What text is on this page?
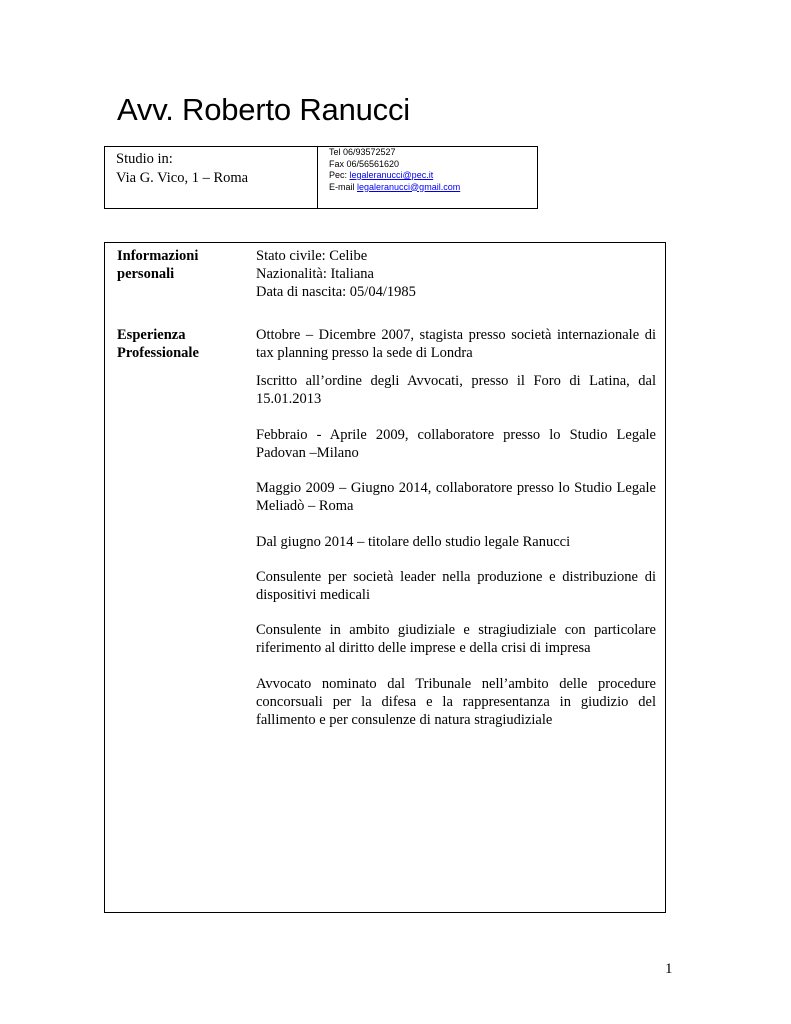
Avv. Roberto Ranucci
Studio in:
Via G. Vico, 1 – Roma
Tel 06/93572527
Fax 06/56561620
Pec: legaleranucci@pec.it
E-mail legaleranucci@gmail.com
Informazioni
personali

Stato civile: Celibe

Nazionalità: Italiana

Data di nascita: 05/04/1985

Esperienza
Professionale

Ottobre – Dicembre 2007, stagista presso società internazionale di tax planning presso la sede di Londra

Iscritto all’ordine degli Avvocati, presso il Foro di Latina, dal 15.01.2013

Febbraio - Aprile 2009, collaboratore presso lo Studio Legale Padovan –Milano

Maggio 2009 – Giugno 2014, collaboratore presso lo Studio Legale Meliadò – Roma

Dal giugno 2014 – titolare dello studio legale Ranucci

Consulente per società leader nella produzione e distribuzione di dispositivi medicali

Consulente in ambito giudiziale e stragiudiziale con particolare riferimento al diritto delle imprese e della crisi di impresa

Avvocato nominato dal Tribunale nell’ambito delle procedure concorsuali per la difesa e la rappresentanza in giudizio del fallimento e per consulenze di natura stragiudiziale

1
